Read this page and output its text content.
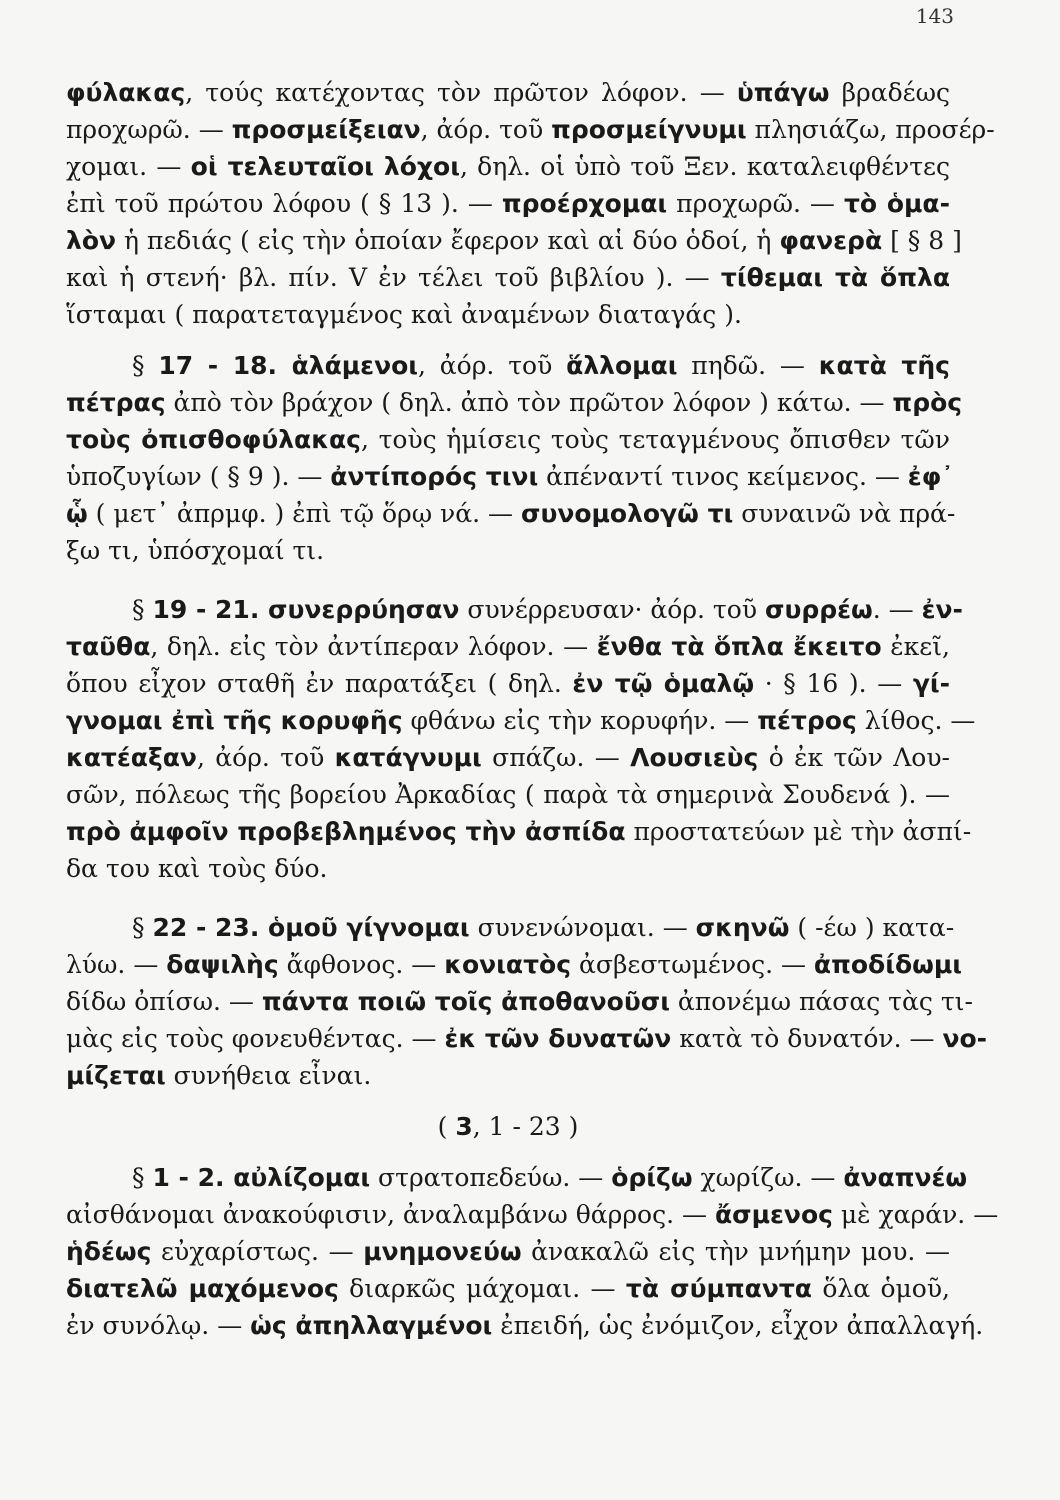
143
φύλακας, τούς κατέχοντας τὸν πρῶτον λόφον. — ὑπάγω βραδέως
προχωρῶ. — προσμείξειαν, ἀόρ. τοῦ προσμείγνυμι πλησιάζω, προσέρ-
χομαι. — οἱ τελευταῖοι λόχοι, δηλ. οἱ ὑπὸ τοῦ Ξεν. καταλειφθέντες
ἐπὶ τοῦ πρώτου λόφου ( § 13 ). — προέρχομαι προχωρῶ. — τὸ ὁμα-
λὸν ἡ πεδιάς ( εἰς τὴν ὁποίαν ἔφερον καὶ αἱ δύο ὁδοί, ἡ φανερὰ [ § 8 ]
καὶ ἡ στενή· βλ. πίν. V ἐν τέλει τοῦ βιβλίου ). — τίθεμαι τὰ ὅπλα
ἵσταμαι ( παρατεταγμένος καὶ ἀναμένων διαταγάς ).
§ 17 - 18. ἁλάμενοι, ἀόρ. τοῦ ἅλλομαι πηδῶ. — κατὰ τῆς
πέτρας ἀπὸ τὸν βράχον ( δηλ. ἀπὸ τὸν πρῶτον λόφον ) κάτω. — πρὸς
τοὺς ὀπισθοφύλακας, τοὺς ἡμίσεις τοὺς τεταγμένους ὄπισθεν τῶν
ὑποζυγίων ( § 9 ). — ἀντίπορός τινι ἀπέναντί τινος κείμενος. — ἐφ᾽
ᾧ ( μετ᾽ ἀπρμφ. ) ἐπὶ τῷ ὅρῳ νά. — συνομολογῶ τι συναινῶ νὰ πρά-
ξω τι, ὑπόσχομαί τι.
§ 19 - 21. συνερρύησαν συνέρρευσαν· ἀόρ. τοῦ συρρέω. — ἐν-
ταῦθα, δηλ. εἰς τὸν ἀντίπεραν λόφον. — ἔνθα τὰ ὅπλα ἔκειτο ἐκεῖ,
ὅπου εἶχον σταθῆ ἐν παρατάξει ( δηλ. ἐν τῷ ὁμαλῷ · § 16 ). — γί-
γνομαι ἐπὶ τῆς κορυφῆς φθάνω εἰς τὴν κορυφήν. — πέτρος λίθος. —
κατέαξαν, ἀόρ. τοῦ κατάγνυμι σπάζω. — Λουσιεὺς ὁ ἐκ τῶν Λου-
σῶν, πόλεως τῆς βορείου Ἀρκαδίας ( παρὰ τὰ σημερινὰ Σουδενά ). —
πρὸ ἀμφοῖν προβεβλημένος τὴν ἀσπίδα προστατεύων μὲ τὴν ἀσπί-
δα του καὶ τοὺς δύο.
§ 22 - 23. ὁμοῦ γίγνομαι συνενώνομαι. — σκηνῶ ( -έω ) κατα-
λύω. — δαψιλὴς ἄφθονος. — κονιατὸς ἀσβεστωμένος. — ἀποδίδωμι
δίδω ὀπίσω. — πάντα ποιῶ τοῖς ἀποθανοῦσι ἀπονέμω πάσας τὰς τι-
μὰς εἰς τοὺς φονευθέντας. — ἐκ τῶν δυνατῶν κατὰ τὸ δυνατόν. — νο-
μίζεται συνήθεια εἶναι.
( 3, 1 - 23 )
§ 1 - 2. αὐλίζομαι στρατοπεδεύω. — ὁρίζω χωρίζω. — ἀναπνέω
αἰσθάνομαι ἀνακούφισιν, ἀναλαμβάνω θάρρος. — ἄσμενος μὲ χαράν. —
ἡδέως εὐχαρίστως. — μνημονεύω ἀνακαλῶ εἰς τὴν μνήμην μου. —
διατελῶ μαχόμενος διαρκῶς μάχομαι. — τὰ σύμπαντα ὅλα ὁμοῦ,
ἐν συνόλῳ. — ὡς ἀπηλλαγμένοι ἐπειδή, ὡς ἐνόμιζον, εἶχον ἀπαλλαγή.
